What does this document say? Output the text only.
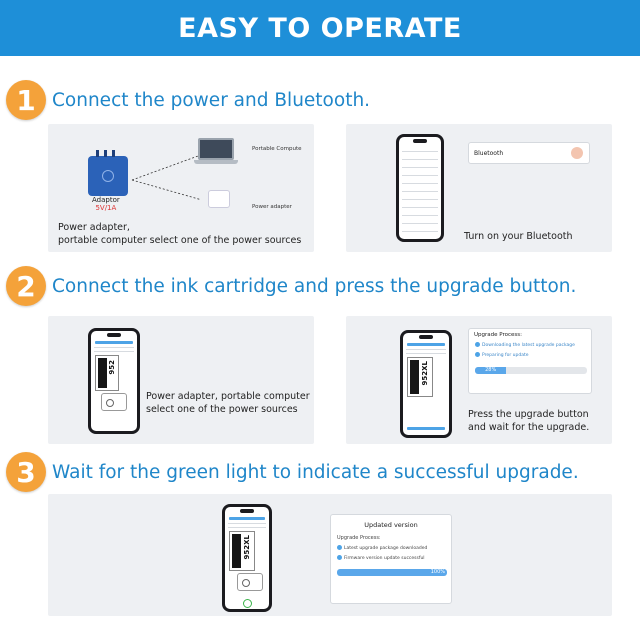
EASY TO OPERATE
1 Connect the power and Bluetooth.
Adaptor
5V/1A
Portable Compute
Power adapter
Power adapter,
portable computer select one of the power sources
Bluetooth
Turn on your Bluetooth
2 Connect the ink cartridge and press the upgrade button.
952
Power adapter, portable computer
select one of the power sources
952XL
Upgrade Process:
Downloading the latest upgrade package
Preparing for update
28%
Press the upgrade button
and wait for the upgrade.
3 Wait for the green light to indicate a successful upgrade.
952XL
Updated version
Upgrade Process:
Latest upgrade package downloaded
Firmware version update successful
100%
